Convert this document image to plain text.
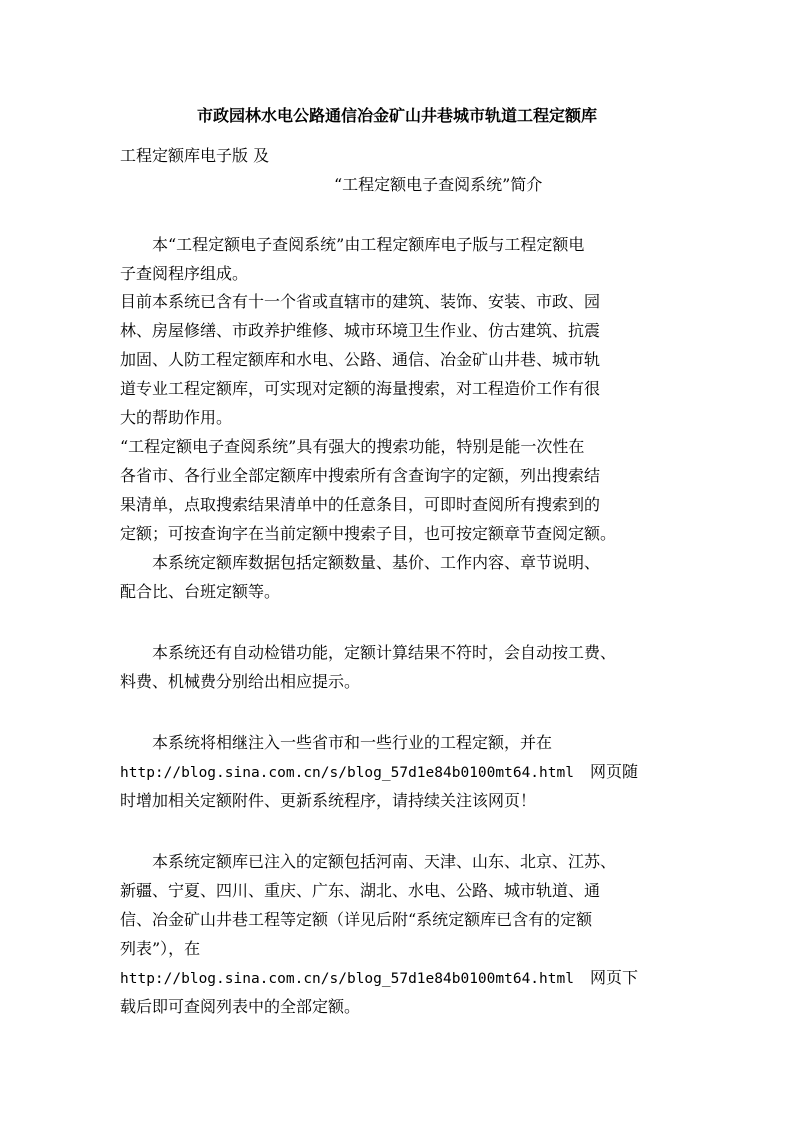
市政园林水电公路通信冶金矿山井巷城市轨道工程定额库
工程定额库电子版 及
“工程定额电子查阅系统”简介
　　本“工程定额电子查阅系统”由工程定额库电子版与工程定额电
子查阅程序组成。
目前本系统已含有十一个省或直辖市的建筑、装饰、安装、市政、园
林、房屋修缮、市政养护维修、城市环境卫生作业、仿古建筑、抗震
加固、人防工程定额库和水电、公路、通信、冶金矿山井巷、城市轨
道专业工程定额库，可实现对定额的海量搜索，对工程造价工作有很
大的帮助作用。
“工程定额电子查阅系统”具有强大的搜索功能，特别是能一次性在
各省市、各行业全部定额库中搜索所有含查询字的定额，列出搜索结
果清单，点取搜索结果清单中的任意条目，可即时查阅所有搜索到的
定额；可按查询字在当前定额中搜索子目，也可按定额章节查阅定额。
　　本系统定额库数据包括定额数量、基价、工作内容、章节说明、
配合比、台班定额等。
　　本系统还有自动检错功能，定额计算结果不符时，会自动按工费、
料费、机械费分别给出相应提示。
　　本系统将相继注入一些省市和一些行业的工程定额，并在
http://blog.sina.com.cn/s/blog_57d1e84b0100mt64.html　网页随
时增加相关定额附件、更新系统程序，请持续关注该网页！
　　本系统定额库已注入的定额包括河南、天津、山东、北京、江苏、
新疆、宁夏、四川、重庆、广东、湖北、水电、公路、城市轨道、通
信、冶金矿山井巷工程等定额（详见后附“系统定额库已含有的定额
列表”），在
http://blog.sina.com.cn/s/blog_57d1e84b0100mt64.html　网页下
载后即可查阅列表中的全部定额。
